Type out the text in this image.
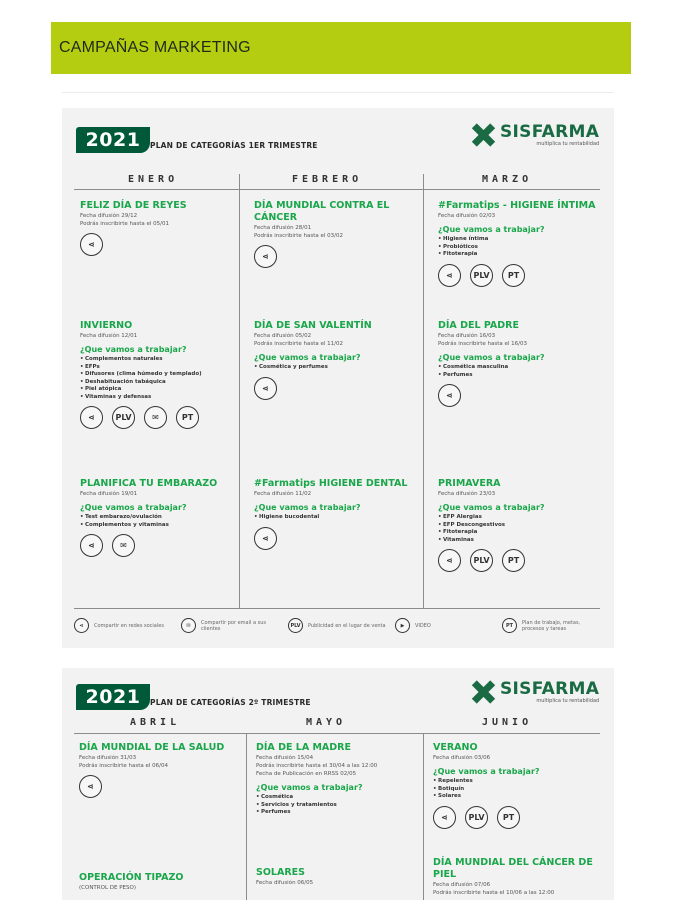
CAMPAÑAS MARKETING
2021	PLAN DE CATEGORÍAS 1ER TRIMESTRE
SISFARMA
multiplica tu rentabilidad
ENERO	FEBRERO	MARZO
FELIZ DÍA DE REYES
Fecha difusión 29/12
Podrás inscribirte hasta el 05/01
⋖
DÍA MUNDIAL CONTRA EL CÁNCER
Fecha difusión 28/01
Podrás inscribirte hasta el 03/02
⋖
#Farmatips - HIGIENE ÍNTIMA
Fecha difusión 02/03
¿Que vamos a trabajar?
• Higiene íntima
• Probióticos
• Fitoterapia
⋖	PLV	PT
INVIERNO
Fecha difusión 12/01
¿Que vamos a trabajar?
• Complementos naturales
• EFPs
• Difusores (clima húmedo y templado)
• Deshabituación tabáquica
• Piel atópica
• Vitaminas y defensas
⋖	PLV	✉	PT
DÍA DE SAN VALENTÍN
Fecha difusión 05/02
Podrás inscribirte hasta el 11/02
¿Que vamos a trabajar?
• Cosmética y perfumes
⋖
DÍA DEL PADRE
Fecha difusión 16/03
Podrás inscribirte hasta el 16/03
¿Que vamos a trabajar?
• Cosmética masculina
• Perfumes
⋖
PLANIFICA TU EMBARAZO
Fecha difusión 19/01
¿Que vamos a trabajar?
• Test embarazo/ovulación
• Complementos y vitaminas
⋖	✉
#Farmatips HIGIENE DENTAL
Fecha difusión 11/02
¿Que vamos a trabajar?
• Higiene bucodental
⋖
PRIMAVERA
Fecha difusión 23/03
¿Que vamos a trabajar?
• EFP Alergias
• EFP Descongestivos
• Fitoterapia
• Vitaminas
⋖	PLV	PT
⋖	Compartir en redes sociales	✉	Compartir por email a sus clientes	PLV	Publicidad en el lugar de venta	▶	VIDEO	PT	Plan de trabajo, metas, procesos y tareas
2021	PLAN DE CATEGORÍAS 2º TRIMESTRE
SISFARMA
multiplica tu rentabilidad
ABRIL	MAYO	JUNIO
DÍA MUNDIAL DE LA SALUD
Fecha difusión 31/03
Podrás inscribirte hasta el 06/04
⋖
DÍA DE LA MADRE
Fecha difusión 15/04
Podrás inscribirte hasta el 30/04 a las 12:00
Fecha de Publicación en RRSS 02/05
¿Que vamos a trabajar?
• Cosmética
• Servicios y tratamientos
• Perfumes
VERANO
Fecha difusión 03/06
¿Que vamos a trabajar?
• Repelentes
• Botiquín
• Solares
⋖	PLV	PT
OPERACIÓN TIPAZO
(CONTROL DE PESO)
SOLARES
Fecha difusión 06/05
DÍA MUNDIAL DEL CÁNCER DE PIEL
Fecha difusión 07/06
Podrás inscribirte hasta el 10/06 a las 12:00
